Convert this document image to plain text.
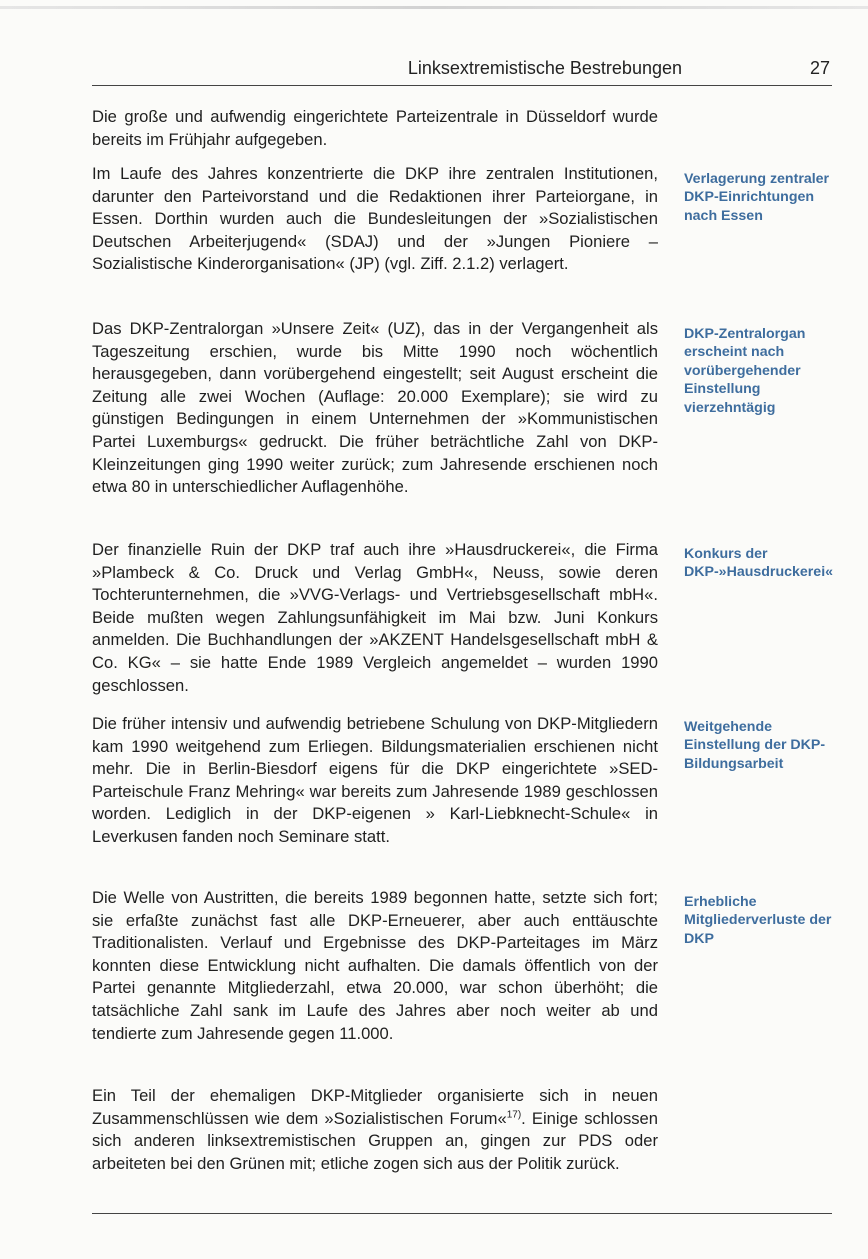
Linksextremistische Bestrebungen	27

Die große und aufwendig eingerichtete Parteizentrale in Düsseldorf wurde bereits im Frühjahr aufgegeben.

Im Laufe des Jahres konzentrierte die DKP ihre zentralen Institutionen, darunter den Parteivorstand und die Redaktionen ihrer Parteiorgane, in Essen. Dorthin wurden auch die Bundesleitungen der »Sozialistischen Deutschen Arbeiterjugend« (SDAJ) und der »Jungen Pioniere – Sozialistische Kinderorganisation« (JP) (vgl. Ziff. 2.1.2) verlagert.

Das DKP-Zentralorgan »Unsere Zeit« (UZ), das in der Vergangenheit als Tageszeitung erschien, wurde bis Mitte 1990 noch wöchentlich herausgegeben, dann vorübergehend eingestellt; seit August erscheint die Zeitung alle zwei Wochen (Auflage: 20.000 Exemplare); sie wird zu günstigen Bedingungen in einem Unternehmen der »Kommunistischen Partei Luxemburgs« gedruckt. Die früher beträchtliche Zahl von DKP-Kleinzeitungen ging 1990 weiter zurück; zum Jahresende erschienen noch etwa 80 in unterschiedlicher Auflagenhöhe.

Der finanzielle Ruin der DKP traf auch ihre »Hausdruckerei«, die Firma »Plambeck & Co. Druck und Verlag GmbH«, Neuss, sowie deren Tochterunternehmen, die »VVG-Verlags- und Vertriebsgesellschaft mbH«. Beide mußten wegen Zahlungsunfähigkeit im Mai bzw. Juni Konkurs anmelden. Die Buchhandlungen der »AKZENT Handelsgesellschaft mbH & Co. KG« – sie hatte Ende 1989 Vergleich angemeldet – wurden 1990 geschlossen.

Die früher intensiv und aufwendig betriebene Schulung von DKP-Mitgliedern kam 1990 weitgehend zum Erliegen. Bildungsmaterialien erschienen nicht mehr. Die in Berlin-Biesdorf eigens für die DKP eingerichtete »SED-Parteischule Franz Mehring« war bereits zum Jahresende 1989 geschlossen worden. Lediglich in der DKP-eigenen » Karl-Liebknecht-Schule« in Leverkusen fanden noch Seminare statt.

Die Welle von Austritten, die bereits 1989 begonnen hatte, setzte sich fort; sie erfaßte zunächst fast alle DKP-Erneuerer, aber auch enttäuschte Traditionalisten. Verlauf und Ergebnisse des DKP-Parteitages im März konnten diese Entwicklung nicht aufhalten. Die damals öffentlich von der Partei genannte Mitgliederzahl, etwa 20.000, war schon überhöht; die tatsächliche Zahl sank im Laufe des Jahres aber noch weiter ab und tendierte zum Jahresende gegen 11.000.

Ein Teil der ehemaligen DKP-Mitglieder organisierte sich in neuen Zusammenschlüssen wie dem »Sozialistischen Forum«$^{17)}$. Einige schlossen sich anderen linksextremistischen Gruppen an, gingen zur PDS oder arbeiteten bei den Grünen mit; etliche zogen sich aus der Politik zurück.

Verlagerung zentraler DKP-Einrichtungen nach Essen

DKP-Zentralorgan erscheint nach vorübergehender Einstellung vierzehntägig

Konkurs der DKP-»Hausdruckerei«

Weitgehende Einstellung der DKP-Bildungsarbeit

Erhebliche Mitgliederverluste der DKP
